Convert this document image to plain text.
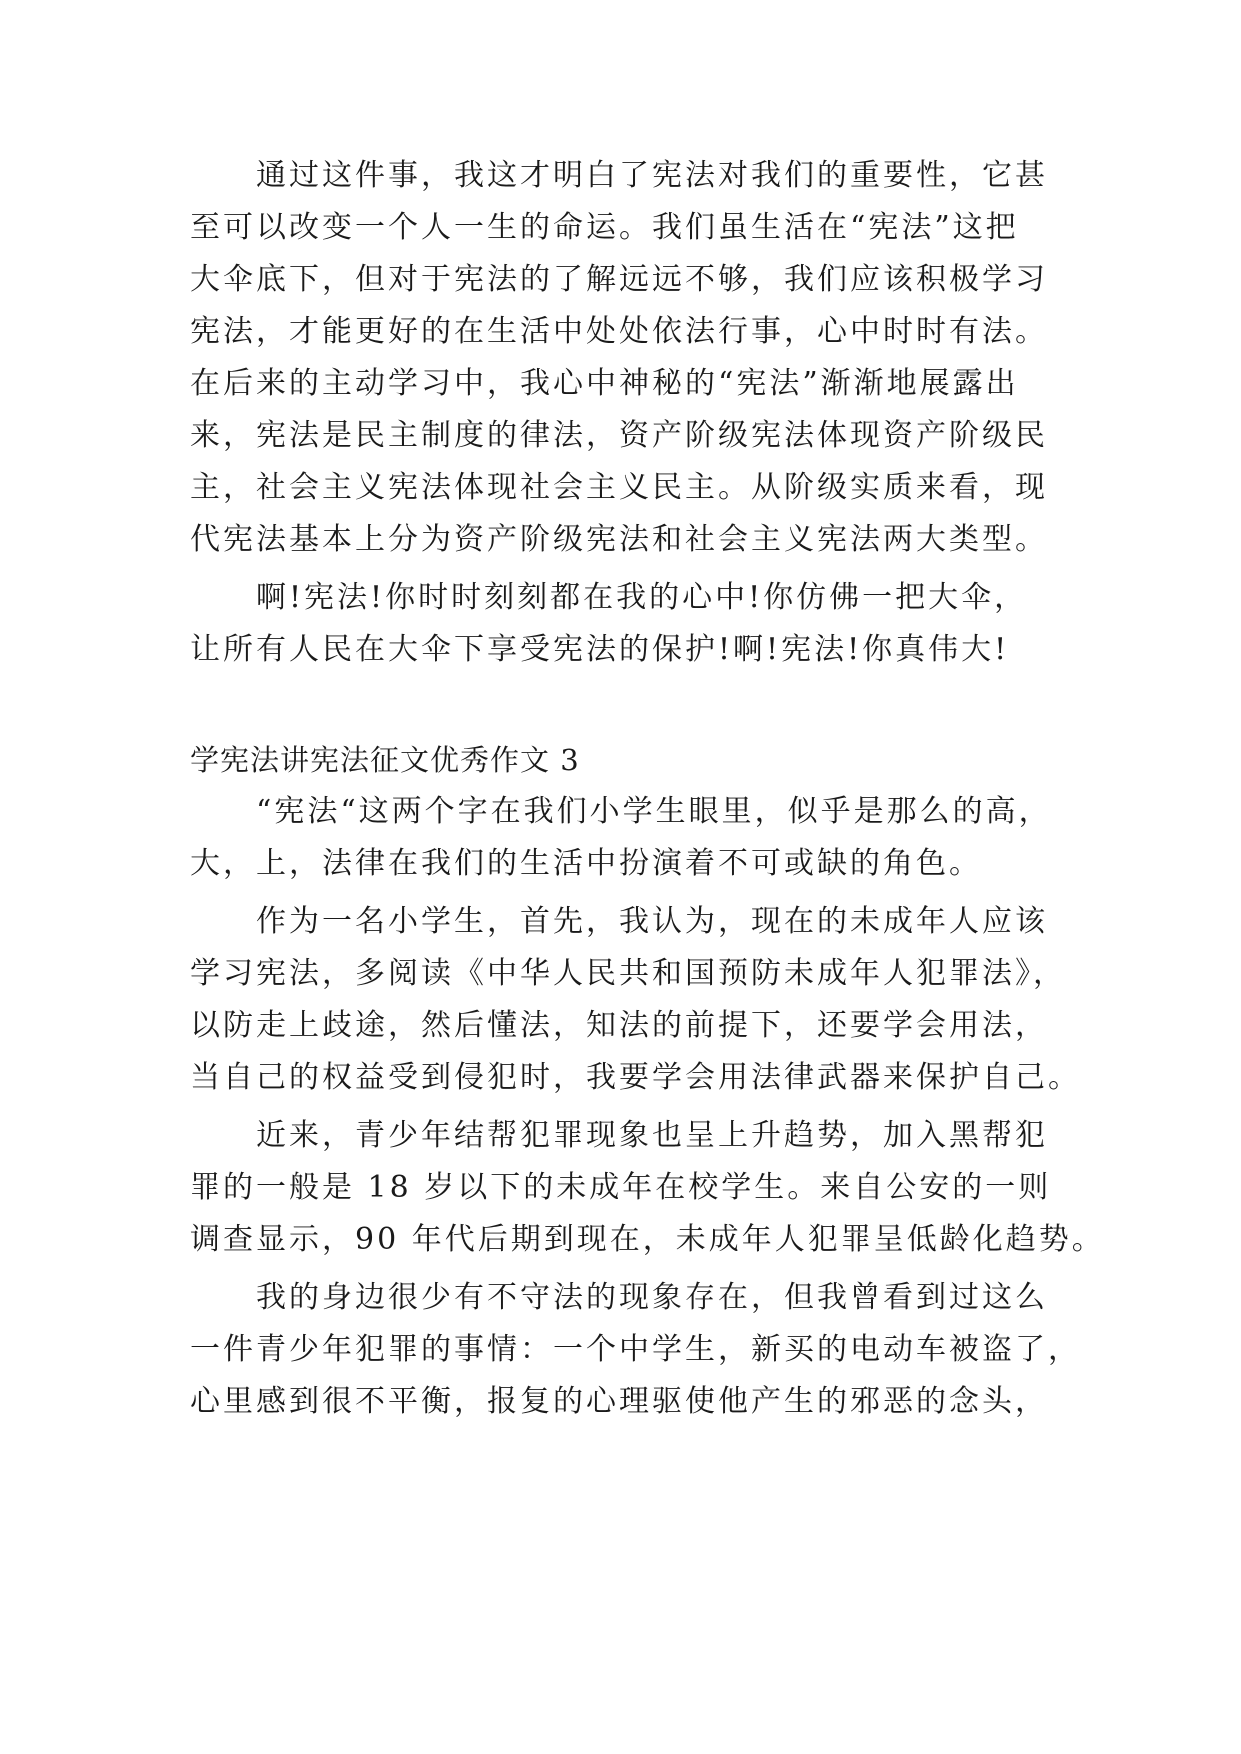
通过这件事，我这才明白了宪法对我们的重要性，它甚
至可以改变一个人一生的命运。我们虽生活在“宪法”这把
大伞底下，但对于宪法的了解远远不够，我们应该积极学习
宪法，才能更好的在生活中处处依法行事，心中时时有法。
在后来的主动学习中，我心中神秘的“宪法”渐渐地展露出
来，宪法是民主制度的律法，资产阶级宪法体现资产阶级民
主，社会主义宪法体现社会主义民主。从阶级实质来看，现
代宪法基本上分为资产阶级宪法和社会主义宪法两大类型。
啊!宪法!你时时刻刻都在我的心中!你仿佛一把大伞，
让所有人民在大伞下享受宪法的保护!啊!宪法!你真伟大!
学宪法讲宪法征文优秀作文 3
“宪法“这两个字在我们小学生眼里，似乎是那么的高，
大，上，法律在我们的生活中扮演着不可或缺的角色。
作为一名小学生，首先，我认为，现在的未成年人应该
学习宪法，多阅读《中华人民共和国预防未成年人犯罪法》，
以防走上歧途，然后懂法，知法的前提下，还要学会用法，
当自己的权益受到侵犯时，我要学会用法律武器来保护自己。
近来，青少年结帮犯罪现象也呈上升趋势，加入黑帮犯
罪的一般是 18 岁以下的未成年在校学生。来自公安的一则
调查显示，90 年代后期到现在，未成年人犯罪呈低龄化趋势。
我的身边很少有不守法的现象存在，但我曾看到过这么
一件青少年犯罪的事情：一个中学生，新买的电动车被盗了，
心里感到很不平衡，报复的心理驱使他产生的邪恶的念头，
